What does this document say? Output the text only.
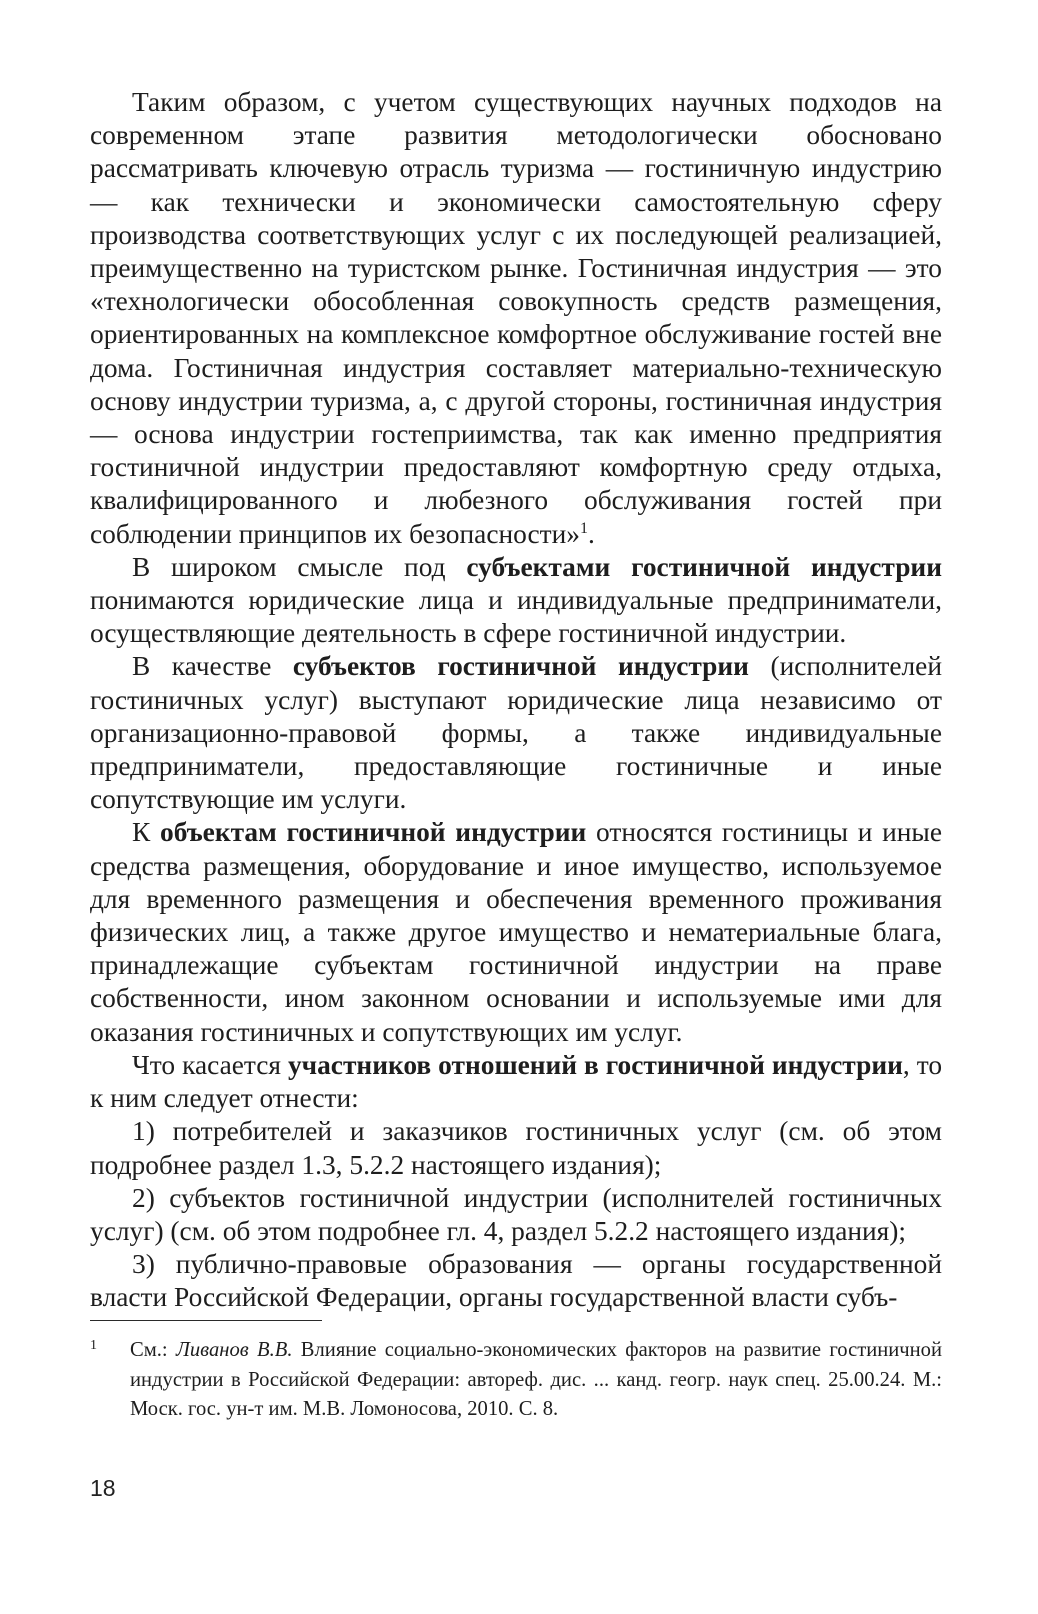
Таким образом, с учетом существующих научных подходов на современном этапе развития методологически обосновано рассматривать ключевую отрасль туризма — гостиничную индустрию — как технически и экономически самостоятельную сферу производства соответствующих услуг с их последующей реализацией, преимущественно на туристском рынке. Гостиничная индустрия — это «технологически обособленная совокупность средств размещения, ориентированных на комплексное комфортное обслуживание гостей вне дома. Гостиничная индустрия составляет материально-техническую основу индустрии туризма, а, с другой стороны, гостиничная индустрия — основа индустрии гостеприимства, так как именно предприятия гостиничной индустрии предоставляют комфортную среду отдыха, квалифицированного и любезного обслуживания гостей при соблюдении принципов их безопасности»$^1$.

В широком смысле под субъектами гостиничной индустрии понимаются юридические лица и индивидуальные предприниматели, осуществляющие деятельность в сфере гостиничной индустрии.

В качестве субъектов гостиничной индустрии (исполнителей гостиничных услуг) выступают юридические лица независимо от организационно-правовой формы, а также индивидуальные предприниматели, предоставляющие гостиничные и иные сопутствующие им услуги.

К объектам гостиничной индустрии относятся гостиницы и иные средства размещения, оборудование и иное имущество, используемое для временного размещения и обеспечения временного проживания физических лиц, а также другое имущество и нематериальные блага, принадлежащие субъектам гостиничной индустрии на праве собственности, ином законном основании и используемые ими для оказания гостиничных и сопутствующих им услуг.

Что касается участников отношений в гостиничной индустрии, то к ним следует отнести:

1) потребителей и заказчиков гостиничных услуг (см. об этом подробнее раздел 1.3, 5.2.2 настоящего издания);

2) субъектов гостиничной индустрии (исполнителей гостиничных услуг) (см. об этом подробнее гл. 4, раздел 5.2.2 настоящего издания);

3) публично-правовые образования — органы государственной власти Российской Федерации, органы государственной власти субъ-

1 См.: Ливанов В.В. Влияние социально-экономических факторов на развитие гостиничной индустрии в Российской Федерации: автореф. дис. ... канд. геогр. наук спец. 25.00.24. М.: Моск. гос. ун-т им. М.В. Ломоносова, 2010. С. 8.
18
